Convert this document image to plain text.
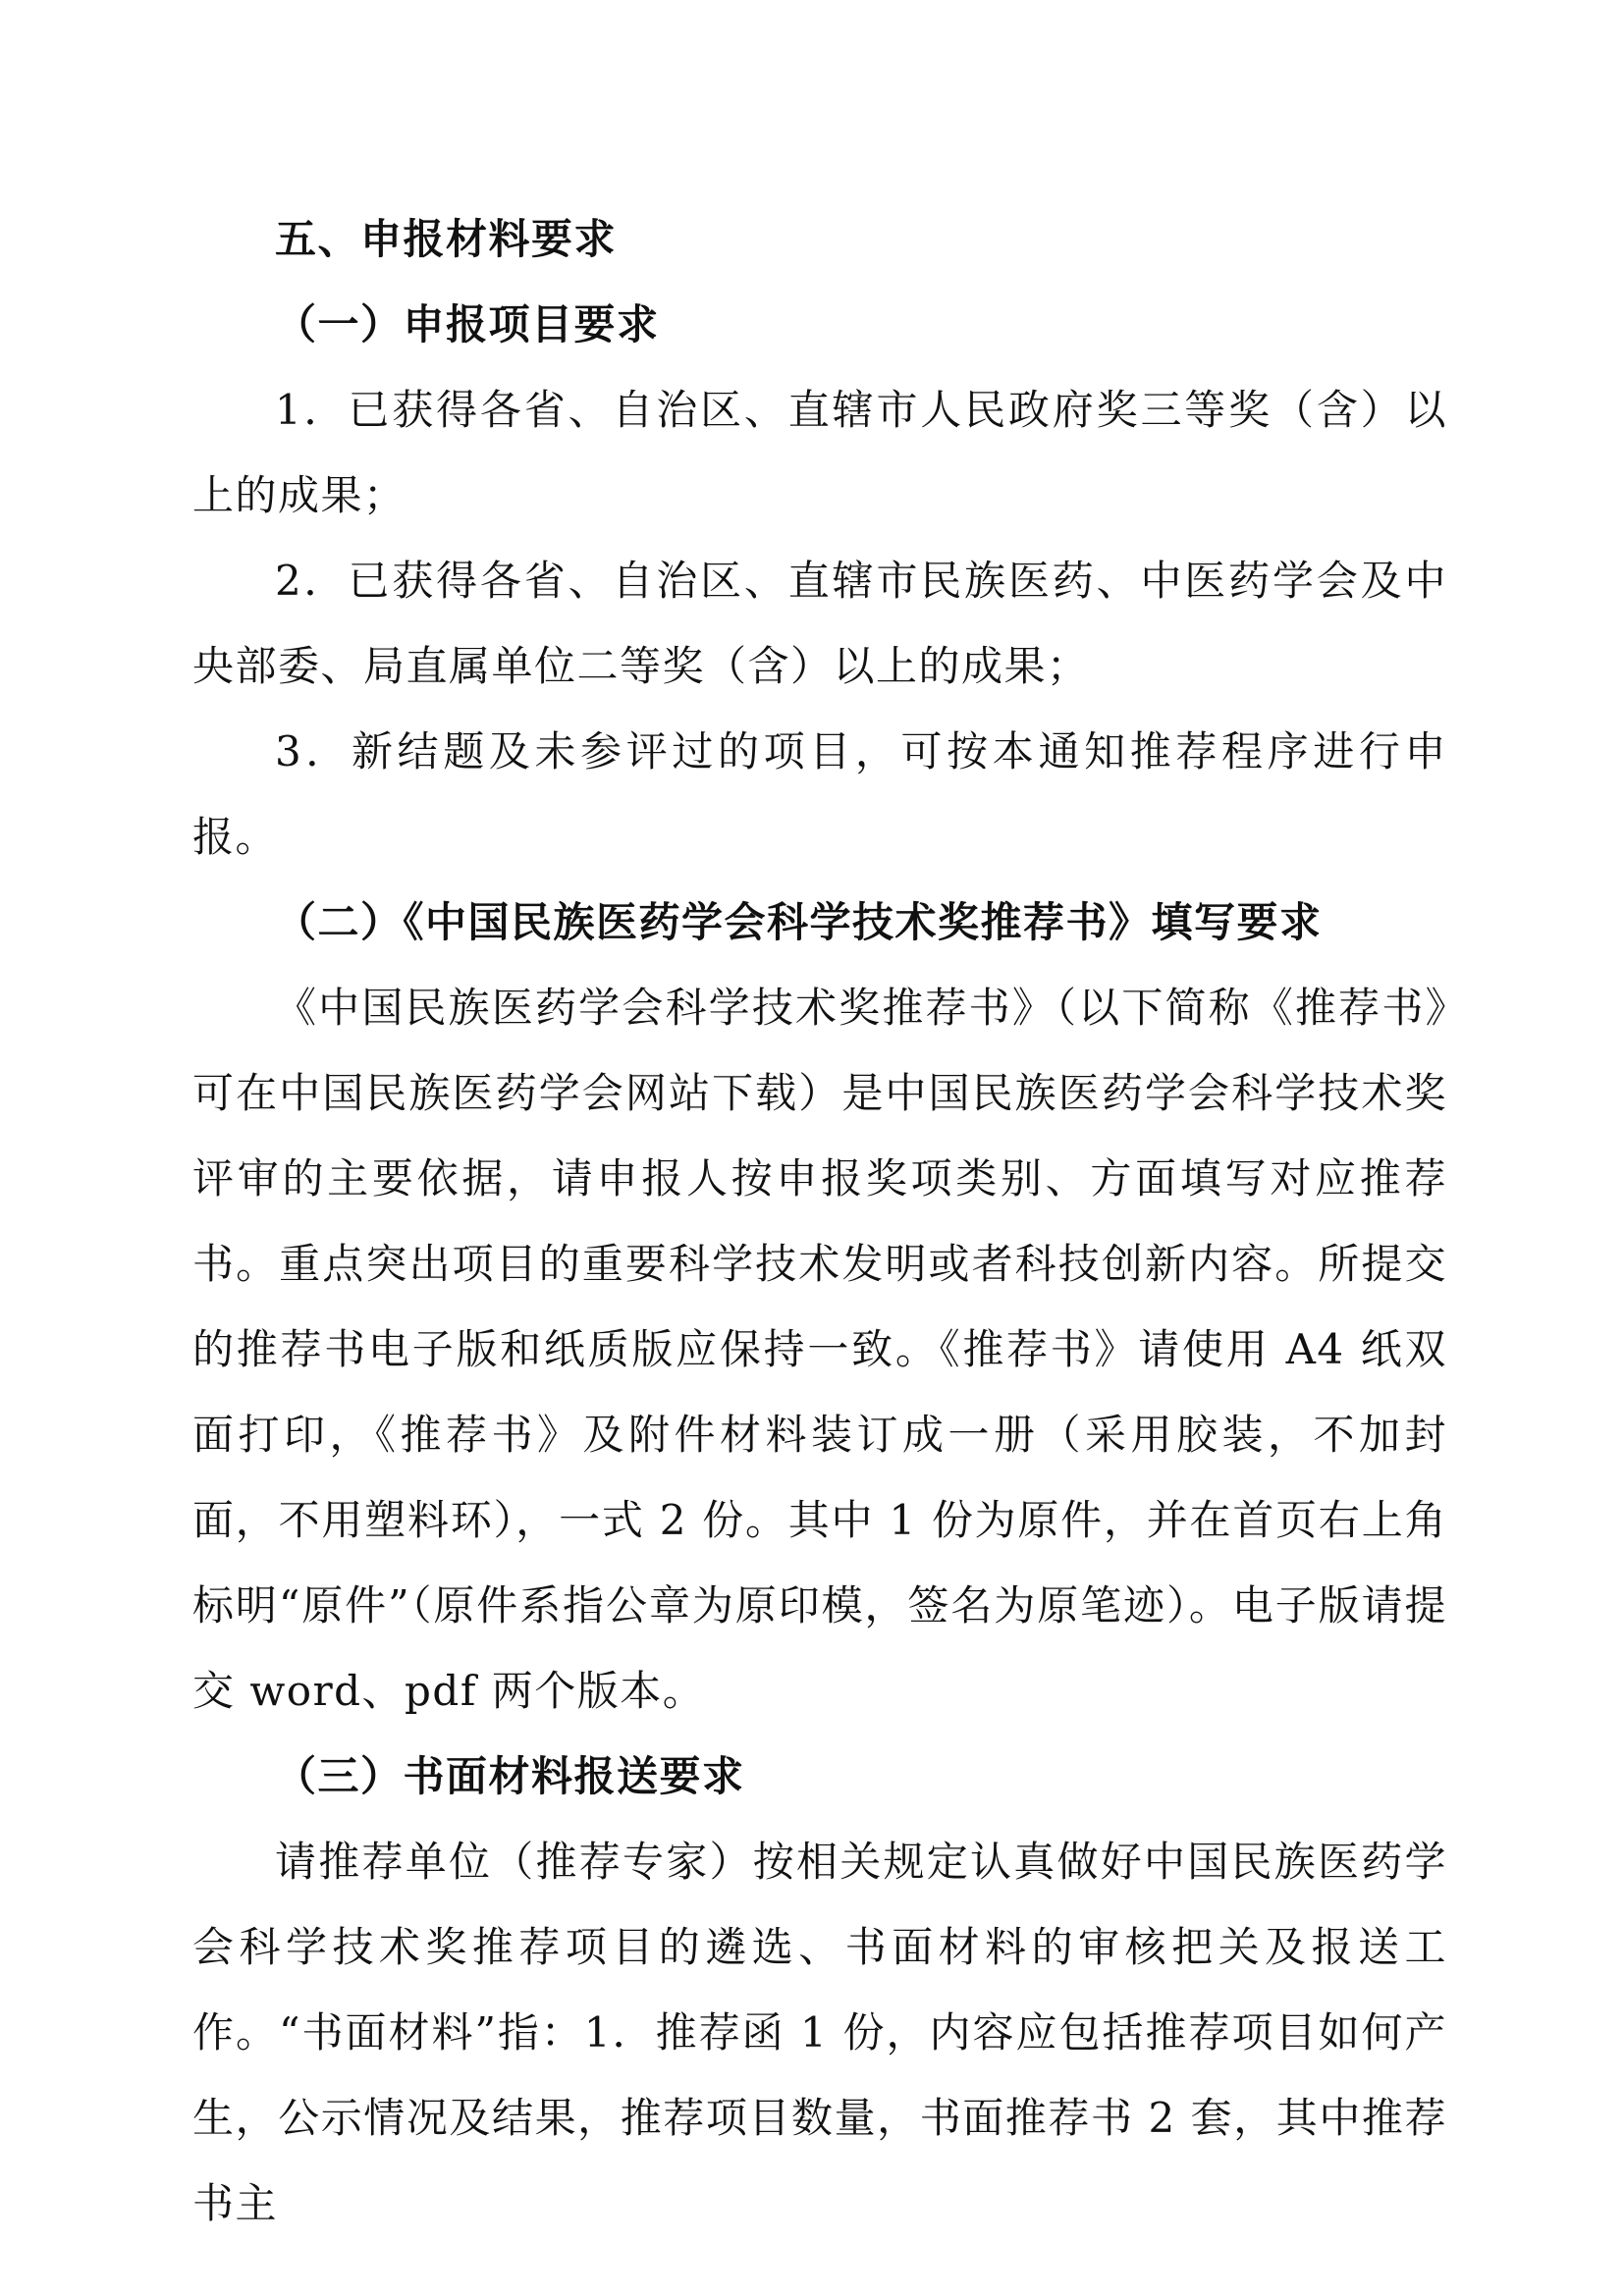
五、申报材料要求

（一）申报项目要求

1．已获得各省、自治区、直辖市人民政府奖三等奖（含）以上的成果；

2．已获得各省、自治区、直辖市民族医药、中医药学会及中央部委、局直属单位二等奖（含）以上的成果；

3．新结题及未参评过的项目，可按本通知推荐程序进行申报。

（二）《中国民族医药学会科学技术奖推荐书》填写要求

《中国民族医药学会科学技术奖推荐书》（以下简称《推荐书》可在中国民族医药学会网站下载）是中国民族医药学会科学技术奖评审的主要依据，请申报人按申报奖项类别、方面填写对应推荐书。重点突出项目的重要科学技术发明或者科技创新内容。所提交的推荐书电子版和纸质版应保持一致。《推荐书》请使用 A4 纸双面打印，《推荐书》及附件材料装订成一册（采用胶装，不加封面，不用塑料环），一式 2 份。其中 1 份为原件，并在首页右上角标明“原件”（原件系指公章为原印模，签名为原笔迹）。电子版请提交 word、pdf 两个版本。

（三）书面材料报送要求

请推荐单位（推荐专家）按相关规定认真做好中国民族医药学会科学技术奖推荐项目的遴选、书面材料的审核把关及报送工作。“书面材料”指：1．推荐函 1 份，内容应包括推荐项目如何产生，公示情况及结果，推荐项目数量，书面推荐书 2 套，其中推荐书主
